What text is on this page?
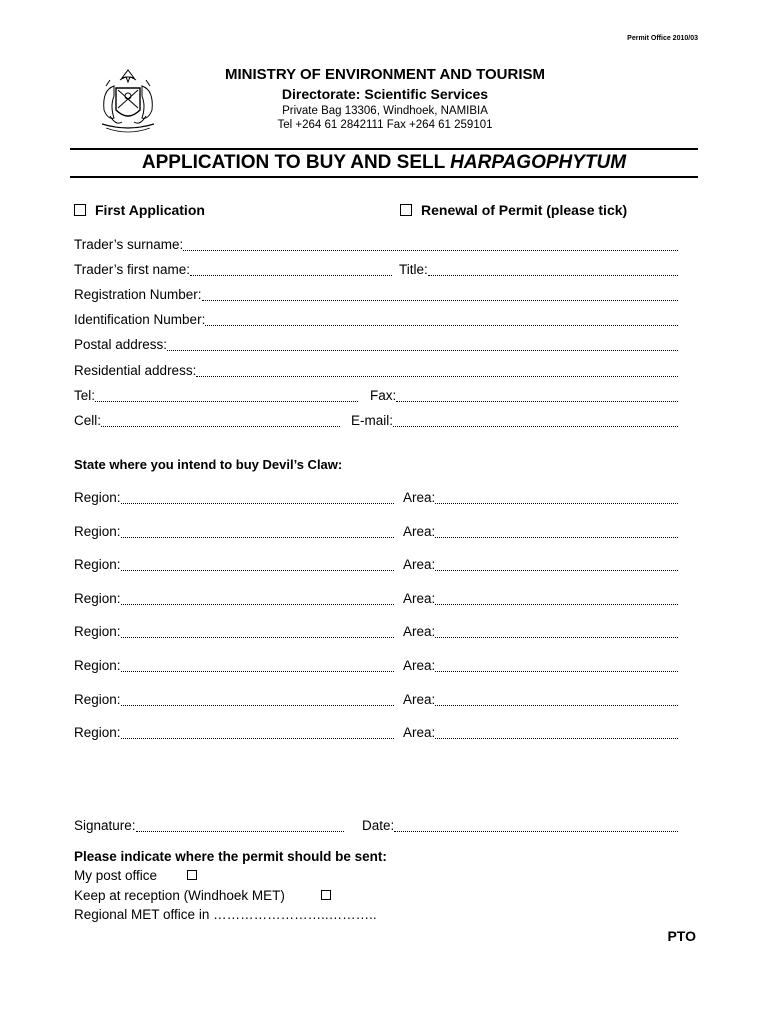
Permit Office 2010/03
MINISTRY OF ENVIRONMENT AND TOURISM
Directorate: Scientific Services
Private Bag 13306, Windhoek, NAMIBIA
Tel +264 61 2842111 Fax +264 61 259101
APPLICATION TO BUY AND SELL HARPAGOPHYTUM
First Application	Renewal of Permit (please tick)
Trader’s surname:
Trader’s first name:	Title:
Registration Number:
Identification Number:
Postal address:
Residential address:
Tel:	Fax:
Cell:	E-mail:
State where you intend to buy Devil’s Claw:
Region:	Area:
Region:	Area:
Region:	Area:
Region:	Area:
Region:	Area:
Region:	Area:
Region:	Area:
Region:	Area:
Signature:	Date:
Please indicate where the permit should be sent:
My post office
Keep at reception (Windhoek MET)
Regional MET office in ……………………..………..
PTO
